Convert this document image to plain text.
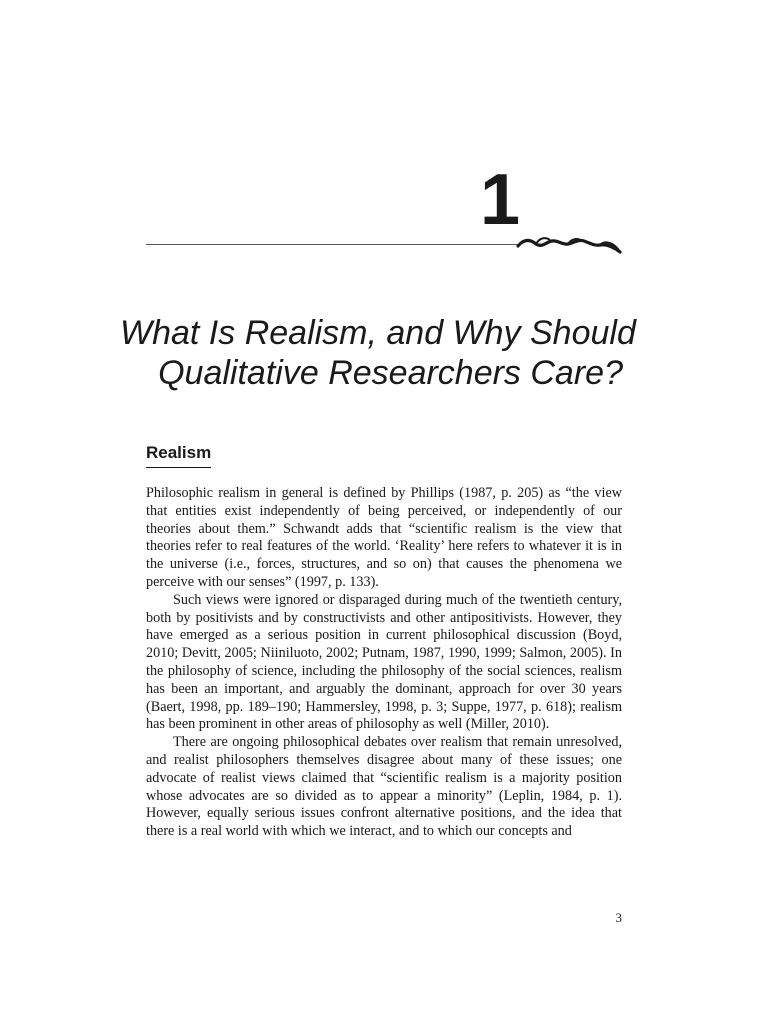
1
What Is Realism, and Why Should
Qualitative Researchers Care?
Realism

Philosophic realism in general is defined by Phillips (1987, p. 205) as “the view that entities exist independently of being perceived, or independently of our theories about them.” Schwandt adds that “scientific realism is the view that theories refer to real features of the world. ‘Reality’ here refers to whatever it is in the universe (i.e., forces, structures, and so on) that causes the phenomena we perceive with our senses” (1997, p. 133).

Such views were ignored or disparaged during much of the twentieth century, both by positivists and by constructivists and other antipositivists. However, they have emerged as a serious position in current philosophical discussion (Boyd, 2010; Devitt, 2005; Niiniluoto, 2002; Putnam, 1987, 1990, 1999; Salmon, 2005). In the philosophy of science, including the philosophy of the social sciences, realism has been an important, and arguably the dominant, approach for over 30 years (Baert, 1998, pp. 189–190; Hammersley, 1998, p. 3; Suppe, 1977, p. 618); realism has been prominent in other areas of philosophy as well (Miller, 2010).

There are ongoing philosophical debates over realism that remain unresolved, and realist philosophers themselves disagree about many of these issues; one advocate of realist views claimed that “scientific realism is a majority position whose advocates are so divided as to appear a minority” (Leplin, 1984, p. 1). However, equally serious issues confront alternative positions, and the idea that there is a real world with which we interact, and to which our concepts and

3
